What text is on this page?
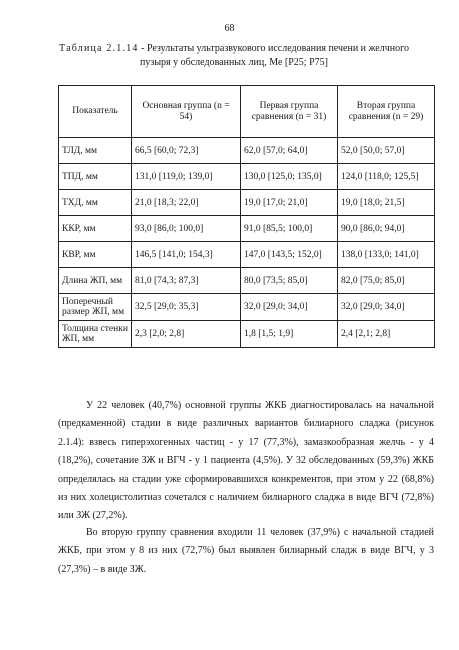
68
Таблица 2.1.14 - Результаты ультразвукового исследования печени и желчного пузыря у обследованных лиц, Ме [P25; P75]
Показатель	Основная группа (n = 54)	Первая группа сравнения (n = 31)	Вторая группа сравнения (n = 29)
ТЛД, мм	66,5 [60,0; 72,3]	62,0 [57,0; 64,0]	52,0 [50,0; 57,0]
ТПД, мм	131,0 [119,0; 139,0]	130,0 [125,0; 135,0]	124,0 [118,0; 125,5]
ТХД, мм	21,0 [18,3; 22,0]	19,0 [17,0; 21,0]	19,0 [18,0; 21,5]
ККР, мм	93,0 [86,0; 100,0]	91,0 [85,5; 100,0]	90,0 [86,0; 94,0]
КВР, мм	146,5 [141,0; 154,3]	147,0 [143,5; 152,0]	138,0 [133,0; 141,0]
Длина ЖП, мм	81,0 [74,3; 87,3]	80,0 [73,5; 85,0]	82,0 [75,0; 85,0]
Поперечный размер ЖП, мм	32,5 [29,0; 35,3]	32,0 [29,0; 34,0]	32,0 [29,0; 34,0]
Толщина стенки ЖП, мм	2,3 [2,0; 2,8]	1,8 [1,5; 1,9]	2,4 [2,1; 2,8]

У 22 человек (40,7%) основной группы ЖКБ диагностировалась на начальной (предкаменной) стадии в виде различных вариантов билиарного сладжа (рисунок 2.1.4): взвесь гиперэхогенных частиц - у 17 (77,3%), замазкообразная желчь - у 4 (18,2%), сочетание ЗЖ и ВГЧ - у 1 пациента (4,5%). У 32 обследованных (59,3%) ЖКБ определялась на стадии уже сформировавшихся конкрементов, при этом у 22 (68,8%) из них холецистолитиаз сочетался с наличием билиарного сладжа в виде ВГЧ (72,8%) или ЗЖ (27,2%).

Во вторую группу сравнения входили 11 человек (37,9%) с начальной стадией ЖКБ, при этом у 8 из них (72,7%) был выявлен билиарный сладж в виде ВГЧ, у 3 (27,3%) – в виде ЗЖ.
